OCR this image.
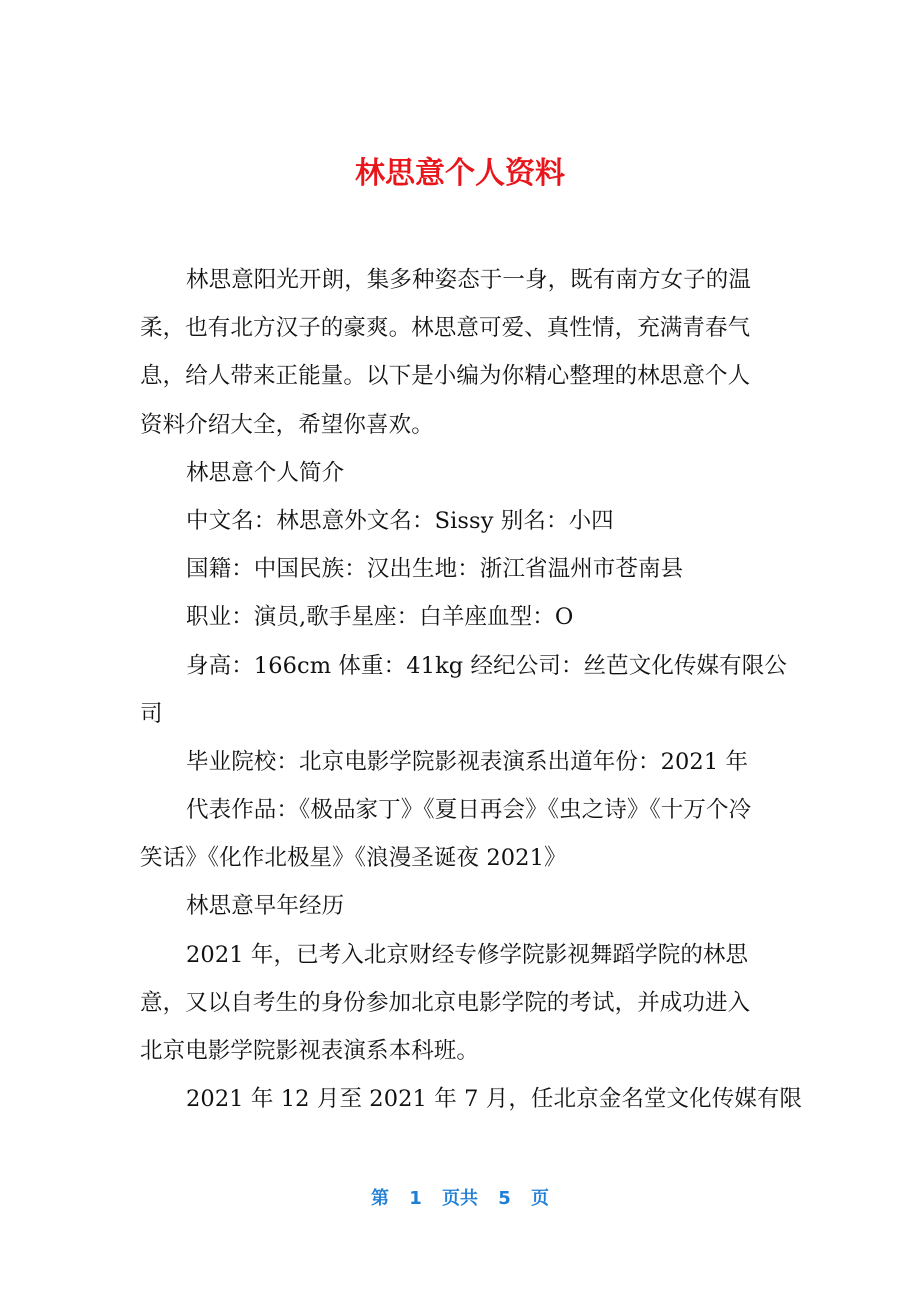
林思意个人资料
林思意阳光开朗，集多种姿态于一身，既有南方女子的温
柔，也有北方汉子的豪爽。林思意可爱、真性情，充满青春气
息，给人带来正能量。以下是小编为你精心整理的林思意个人
资料介绍大全，希望你喜欢。
林思意个人简介
中文名：林思意外文名：Sissy 别名：小四
国籍：中国民族：汉出生地：浙江省温州市苍南县
职业：演员,歌手星座：白羊座血型：O
身高：166cm 体重：41kg 经纪公司：丝芭文化传媒有限公
司
毕业院校：北京电影学院影视表演系出道年份：2021 年
代表作品：《极品家丁》《夏日再会》《虫之诗》《十万个冷
笑话》《化作北极星》《浪漫圣诞夜 2021》
林思意早年经历
2021 年，已考入北京财经专修学院影视舞蹈学院的林思
意，又以自考生的身份参加北京电影学院的考试，并成功进入
北京电影学院影视表演系本科班。
2021 年 12 月至 2021 年 7 月，任北京金名堂文化传媒有限
第 1 页共 5 页
